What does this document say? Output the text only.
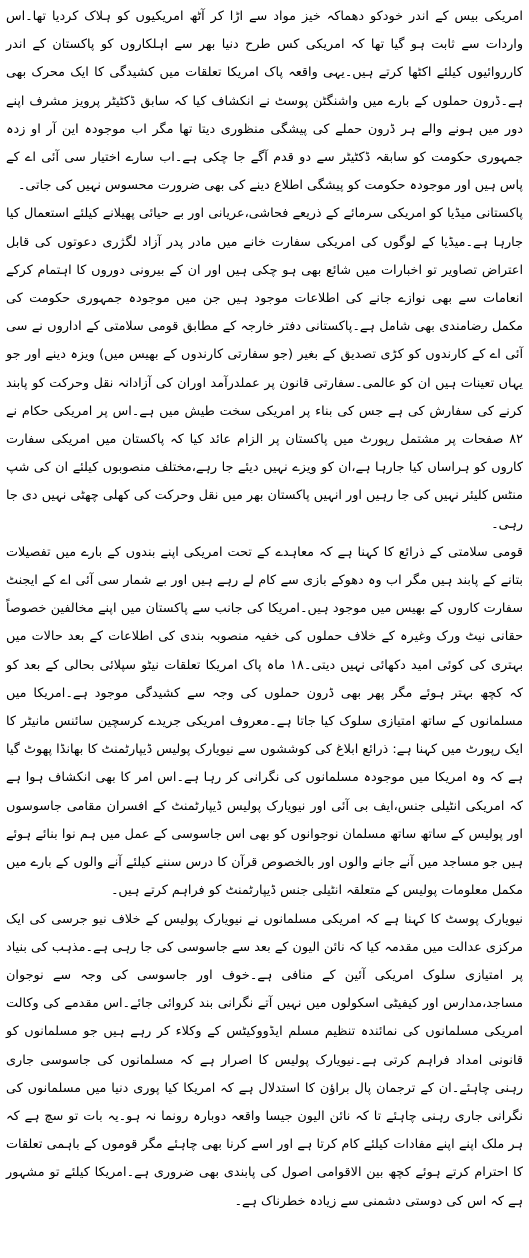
امریکی بیس کے اندر خودکو دھماکہ خیز مواد سے اڑا کر آٹھ امریکیوں کو ہلاک کردیا تھا۔اس واردات سے ثابت ہو گیا تھا کہ امریکی کس طرح دنیا بھر سے اہلکاروں کو پاکستان کے اندر کارروائیوں کیلئے اکٹھا کرتے ہیں۔یہی واقعہ پاک امریکا تعلقات میں کشیدگی کا ایک محرک بھی ہے۔ڈرون حملوں کے بارے میں واشنگٹن پوسٹ نے انکشاف کیا کہ سابق ڈکٹیٹر پرویز مشرف اپنے دور میں ہونے والے ہر ڈرون حملے کی پیشگی منظوری دیتا تھا مگر اب موجودہ این آر او زدہ جمہوری حکومت کو سابقہ ڈکٹیٹر سے دو قدم آگے جا چکی ہے۔اب سارے اختیار سی آئی اے کے پاس ہیں اور موجودہ حکومت کو پیشگی اطلاع دینے کی بھی ضرورت محسوس نہیں کی جاتی۔

پاکستانی میڈیا کو امریکی سرمائے کے ذریعے فحاشی،عریانی اور بے حیائی پھیلانے کیلئے استعمال کیا جارہا ہے۔میڈیا کے لوگوں کی امریکی سفارت خانے میں مادر پدر آزاد لگژری دعوتوں کی قابل اعتراض تصاویر تو اخبارات میں شائع بھی ہو چکی ہیں اور ان کے بیرونی دوروں کا اہتمام کرکے انعامات سے بھی نوازے جانے کی اطلاعات موجود ہیں جن میں موجودہ جمہوری حکومت کی مکمل رضامندی بھی شامل ہے۔پاکستانی دفتر خارجہ کے مطابق قومی سلامتی کے اداروں نے سی آئی اے کے کارندوں کو کڑی تصدیق کے بغیر (جو سفارتی کارندوں کے بھیس میں) ویزہ دینے اور جو یہاں تعینات ہیں ان کو عالمی۔سفارتی قانون پر عملدرآمد اوران کی آزادانہ نقل وحرکت کو پابند کرنے کی سفارش کی ہے جس کی بناء پر امریکی سخت طیش میں ہے۔اس پر امریکی حکام نے ۸۲ صفحات پر مشتمل رپورٹ میں پاکستان پر الزام عائد کیا کہ پاکستان میں امریکی سفارت کاروں کو ہراساں کیا جارہا ہے،ان کو ویزے نہیں دیئے جا رہے،مختلف منصوبوں کیلئے ان کی شپ منٹس کلیئر نہیں کی جا رہیں اور انہیں پاکستان بھر میں نقل وحرکت کی کھلی چھٹی نہیں دی جا رہی۔

قومی سلامتی کے ذرائع کا کہنا ہے کہ معاہدے کے تحت امریکی اپنے بندوں کے بارے میں تفصیلات بتانے کے پابند ہیں مگر اب وہ دھوکے بازی سے کام لے رہے ہیں اور بے شمار سی آئی اے کے ایجنٹ سفارت کاروں کے بھیس میں موجود ہیں۔امریکا کی جانب سے پاکستان میں اپنے مخالفین خصوصاً حقانی نیٹ ورک وغیرہ کے خلاف حملوں کی خفیہ منصوبہ بندی کی اطلاعات کے بعد حالات میں بہتری کی کوئی امید دکھائی نہیں دیتی۔۱۸ ماہ پاک امریکا تعلقات نیٹو سپلائی بحالی کے بعد کو کہ کچھ بہتر ہوئے مگر پھر بھی ڈرون حملوں کی وجہ سے کشیدگی موجود ہے۔امریکا میں مسلمانوں کے ساتھ امتیازی سلوک کیا جاتا ہے۔معروف امریکی جریدے کرسچین سائنس مانیٹر کا ایک رپورٹ میں کہنا ہے: ذرائع ابلاغ کی کوششوں سے نیویارک پولیس ڈیپارٹمنٹ کا بھانڈا پھوٹ گیا ہے کہ وہ امریکا میں موجودہ مسلمانوں کی نگرانی کر رہا ہے۔اس امر کا بھی انکشاف ہوا ہے کہ امریکی انٹیلی جنس،ایف بی آئی اور نیویارک پولیس ڈیپارٹمنٹ کے افسران مقامی جاسوسوں اور پولیس کے ساتھ ساتھ مسلمان نوجوانوں کو بھی اس جاسوسی کے عمل میں ہم نوا بنائے ہوئے ہیں جو مساجد میں آنے جانے والوں اور بالخصوص قرآن کا درس سننے کیلئے آنے والوں کے بارے میں مکمل معلومات پولیس کے متعلقہ انٹیلی جنس ڈیپارٹمنٹ کو فراہم کرتے ہیں۔

نیویارک پوسٹ کا کہنا ہے کہ امریکی مسلمانوں نے نیویارک پولیس کے خلاف نیو جرسی کی ایک مرکزی عدالت میں مقدمہ کیا کہ نائن الیون کے بعد سے جاسوسی کی جا رہی ہے۔مذہب کی بنیاد پر امتیازی سلوک امریکی آئین کے منافی ہے۔خوف اور جاسوسی کی وجہ سے نوجوان مساجد،مدارس اور کیفیٹی اسکولوں میں نہیں آتے نگرانی بند کروائی جائے۔اس مقدمے کی وکالت امریکی مسلمانوں کی نمائندہ تنظیم مسلم ایڈووکیٹس کے وکلاء کر رہے ہیں جو مسلمانوں کو قانونی امداد فراہم کرتی ہے۔نیویارک پولیس کا اصرار ہے کہ مسلمانوں کی جاسوسی جاری رہنی چاہئے۔ان کے ترجمان پال براؤن کا استدلال ہے کہ امریکا کیا پوری دنیا میں مسلمانوں کی نگرانی جاری رہنی چاہئے تا کہ نائن الیون جیسا واقعہ دوبارہ رونما نہ ہو۔یہ بات تو سچ ہے کہ ہر ملک اپنے اپنے مفادات کیلئے کام کرتا ہے اور اسے کرنا بھی چاہئے مگر قوموں کے باہمی تعلقات کا احترام کرتے ہوئے کچھ بین الاقوامی اصول کی پابندی بھی ضروری ہے۔امریکا کیلئے تو مشہور ہے کہ اس کی دوستی دشمنی سے زیادہ خطرناک ہے۔
